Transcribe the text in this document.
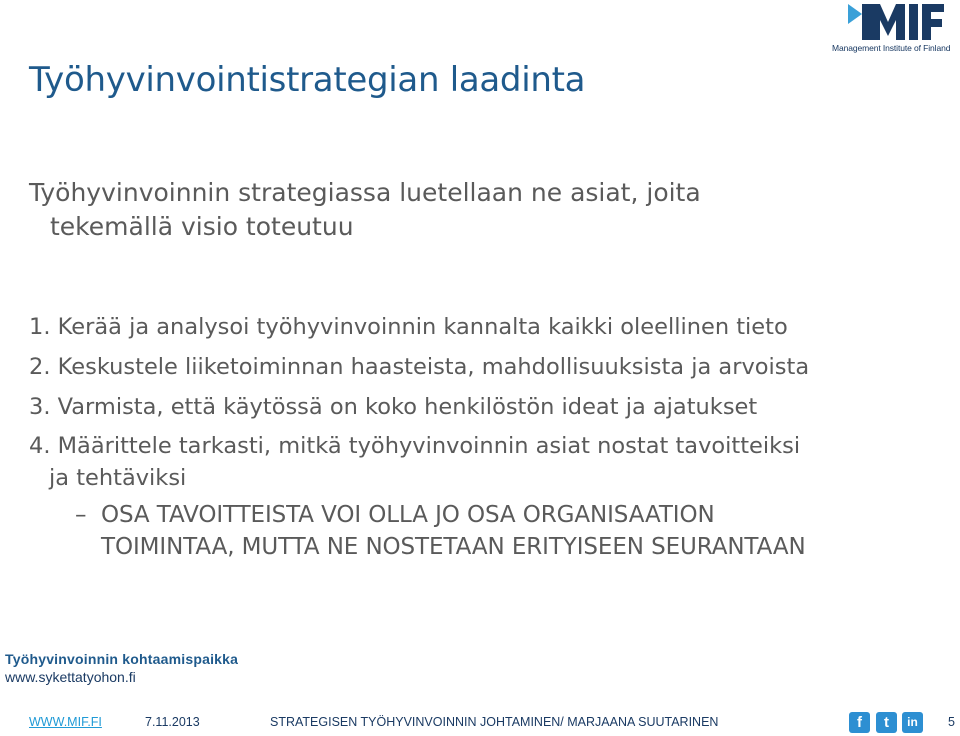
Management Institute of Finland
Työhyvinvointistrategian laadinta
Työhyvinvoinnin strategiassa luetellaan ne asiat, joita
tekemällä visio toteutuu
1. Kerää ja analysoi työhyvinvoinnin kannalta kaikki oleellinen tieto
2. Keskustele liiketoiminnan haasteista, mahdollisuuksista ja arvoista
3. Varmista, että käytössä on koko henkilöstön ideat ja ajatukset
4. Määrittele tarkasti, mitkä työhyvinvoinnin asiat nostat tavoitteiksi
ja tehtäviksi
– OSA TAVOITTEISTA VOI OLLA JO OSA ORGANISAATION
TOIMINTAA, MUTTA NE NOSTETAAN ERITYISEEN SEURANTAAN
Työhyvinvoinnin kohtaamispaikka
www.sykettatyohon.fi
WWW.MIF.FI	7.11.2013	STRATEGISEN TYÖHYVINVOINNIN JOHTAMINEN/ MARJAANA SUUTARINEN	f	t	in	5
